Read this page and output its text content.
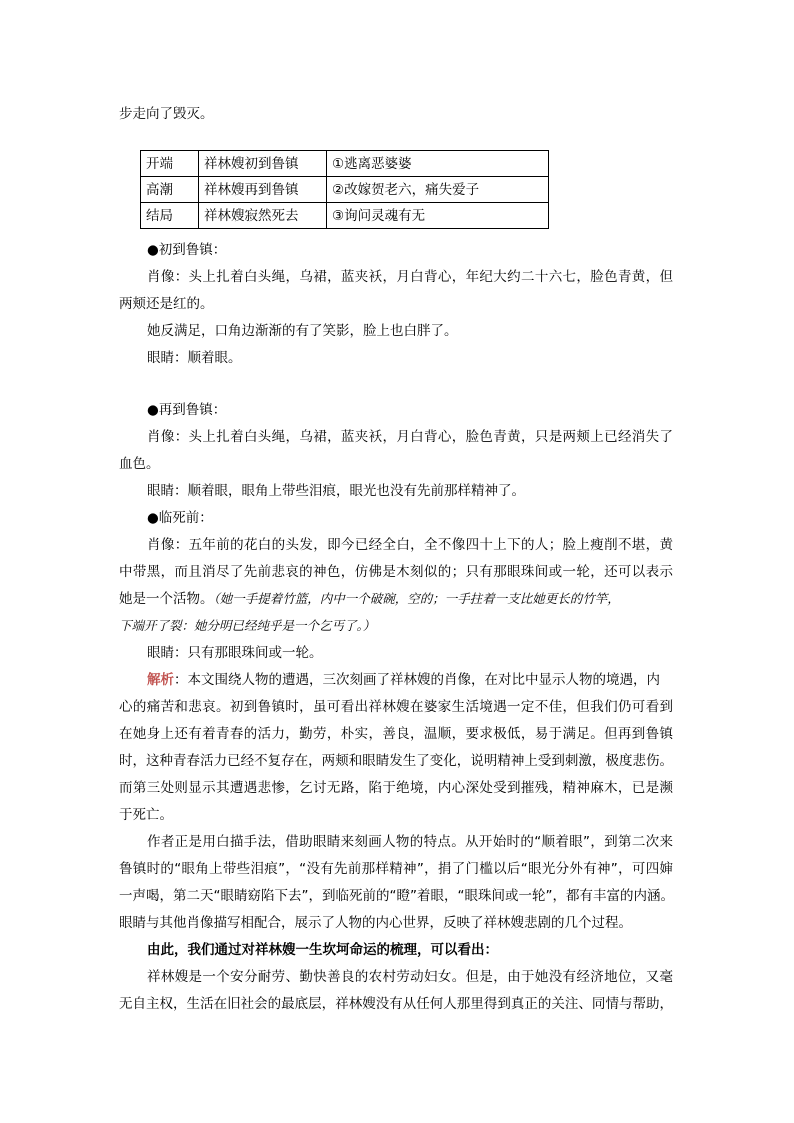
步走向了毁灭。
开端	祥林嫂初到鲁镇	①逃离恶婆婆
高潮	祥林嫂再到鲁镇	②改嫁贺老六，痛失爱子
结局	祥林嫂寂然死去	③询问灵魂有无
●初到鲁镇：
肖像：头上扎着白头绳，乌裙，蓝夹袄，月白背心，年纪大约二十六七，脸色青黄，但
两颊还是红的。
她反满足，口角边渐渐的有了笑影，脸上也白胖了。
眼睛：顺着眼。
●再到鲁镇：
肖像：头上扎着白头绳，乌裙，蓝夹袄，月白背心，脸色青黄，只是两颊上已经消失了
血色。
眼睛：顺着眼，眼角上带些泪痕，眼光也没有先前那样精神了。
●临死前：
肖像：五年前的花白的头发，即今已经全白，全不像四十上下的人；脸上瘦削不堪，黄
中带黑，而且消尽了先前悲哀的神色，仿佛是木刻似的；只有那眼珠间或一轮，还可以表示
她是一个活物。（她一手提着竹篮，内中一个破碗，空的；一手拄着一支比她更长的竹竿，
下端开了裂：她分明已经纯乎是一个乞丐了。）
眼睛：只有那眼珠间或一轮。
解析：本文围绕人物的遭遇，三次刻画了祥林嫂的肖像，在对比中显示人物的境遇，内
心的痛苦和悲哀。初到鲁镇时，虽可看出祥林嫂在婆家生活境遇一定不佳，但我们仍可看到
在她身上还有着青春的活力，勤劳，朴实，善良，温顺，要求极低，易于满足。但再到鲁镇
时，这种青春活力已经不复存在，两颊和眼睛发生了变化，说明精神上受到刺激，极度悲伤。
而第三处则显示其遭遇悲惨，乞讨无路，陷于绝境，内心深处受到摧残，精神麻木，已是濒
于死亡。
作者正是用白描手法，借助眼睛来刻画人物的特点。从开始时的“顺着眼”，到第二次来
鲁镇时的“眼角上带些泪痕”，“没有先前那样精神”，捐了门槛以后“眼光分外有神”，可四婶
一声喝，第二天“眼睛窈陷下去”，到临死前的“瞪”着眼，“眼珠间或一轮”，都有丰富的内涵。
眼睛与其他肖像描写相配合，展示了人物的内心世界，反映了祥林嫂悲剧的几个过程。
由此，我们通过对祥林嫂一生坎坷命运的梳理，可以看出：
祥林嫂是一个安分耐劳、勤快善良的农村劳动妇女。但是，由于她没有经济地位，又毫
无自主权，生活在旧社会的最底层，祥林嫂没有从任何人那里得到真正的关注、同情与帮助，
